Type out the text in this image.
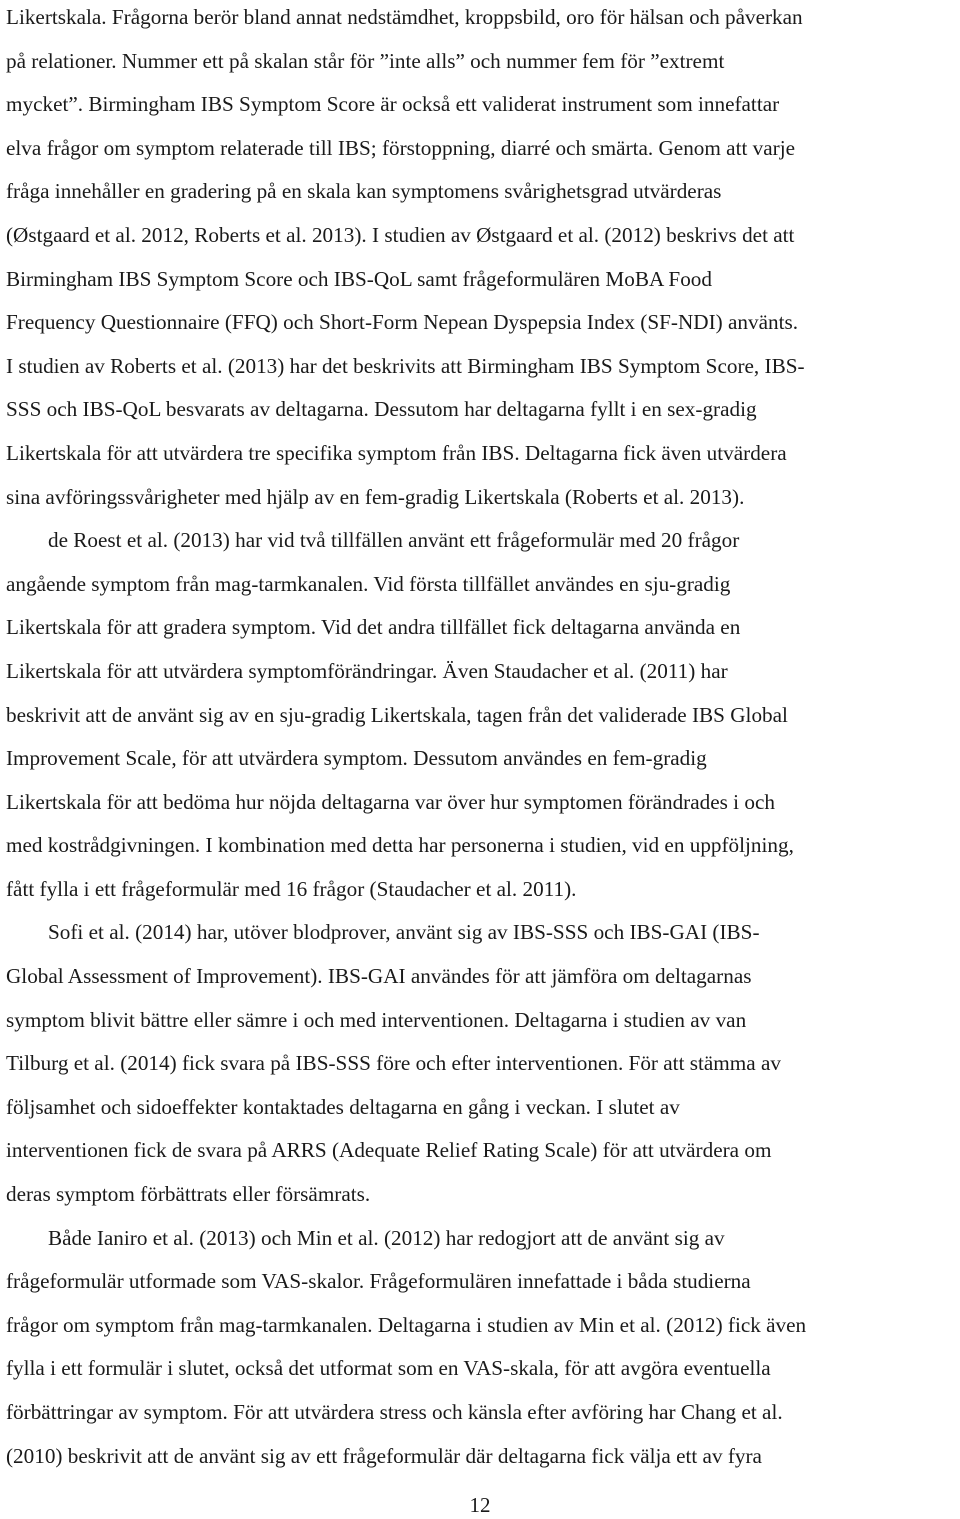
Likertskala. Frågorna berör bland annat nedstämdhet, kroppsbild, oro för hälsan och påverkan
på relationer. Nummer ett på skalan står för ”inte alls” och nummer fem för ”extremt
mycket”. Birmingham IBS Symptom Score är också ett validerat instrument som innefattar
elva frågor om symptom relaterade till IBS; förstoppning, diarré och smärta. Genom att varje
fråga innehåller en gradering på en skala kan symptomens svårighetsgrad utvärderas
(Østgaard et al. 2012, Roberts et al. 2013). I studien av Østgaard et al. (2012) beskrivs det att
Birmingham IBS Symptom Score och IBS-QoL samt frågeformulären MoBA Food
Frequency Questionnaire (FFQ) och Short-Form Nepean Dyspepsia Index (SF-NDI) använts.
I studien av Roberts et al. (2013) har det beskrivits att Birmingham IBS Symptom Score, IBS-
SSS och IBS-QoL besvarats av deltagarna. Dessutom har deltagarna fyllt i en sex-gradig
Likertskala för att utvärdera tre specifika symptom från IBS. Deltagarna fick även utvärdera
sina avföringssvårigheter med hjälp av en fem-gradig Likertskala (Roberts et al. 2013).
de Roest et al. (2013) har vid två tillfällen använt ett frågeformulär med 20 frågor
angående symptom från mag-tarmkanalen. Vid första tillfället användes en sju-gradig
Likertskala för att gradera symptom. Vid det andra tillfället fick deltagarna använda en
Likertskala för att utvärdera symptomförändringar. Även Staudacher et al. (2011) har
beskrivit att de använt sig av en sju-gradig Likertskala, tagen från det validerade IBS Global
Improvement Scale, för att utvärdera symptom. Dessutom användes en fem-gradig
Likertskala för att bedöma hur nöjda deltagarna var över hur symptomen förändrades i och
med kostrådgivningen. I kombination med detta har personerna i studien, vid en uppföljning,
fått fylla i ett frågeformulär med 16 frågor (Staudacher et al. 2011).
Sofi et al. (2014) har, utöver blodprover, använt sig av IBS-SSS och IBS-GAI (IBS-
Global Assessment of Improvement). IBS-GAI användes för att jämföra om deltagarnas
symptom blivit bättre eller sämre i och med interventionen. Deltagarna i studien av van
Tilburg et al. (2014) fick svara på IBS-SSS före och efter interventionen. För att stämma av
följsamhet och sidoeffekter kontaktades deltagarna en gång i veckan. I slutet av
interventionen fick de svara på ARRS (Adequate Relief Rating Scale) för att utvärdera om
deras symptom förbättrats eller försämrats.
Både Ianiro et al. (2013) och Min et al. (2012) har redogjort att de använt sig av
frågeformulär utformade som VAS-skalor. Frågeformulären innefattade i båda studierna
frågor om symptom från mag-tarmkanalen. Deltagarna i studien av Min et al. (2012) fick även
fylla i ett formulär i slutet, också det utformat som en VAS-skala, för att avgöra eventuella
förbättringar av symptom. För att utvärdera stress och känsla efter avföring har Chang et al.
(2010) beskrivit att de använt sig av ett frågeformulär där deltagarna fick välja ett av fyra
12
